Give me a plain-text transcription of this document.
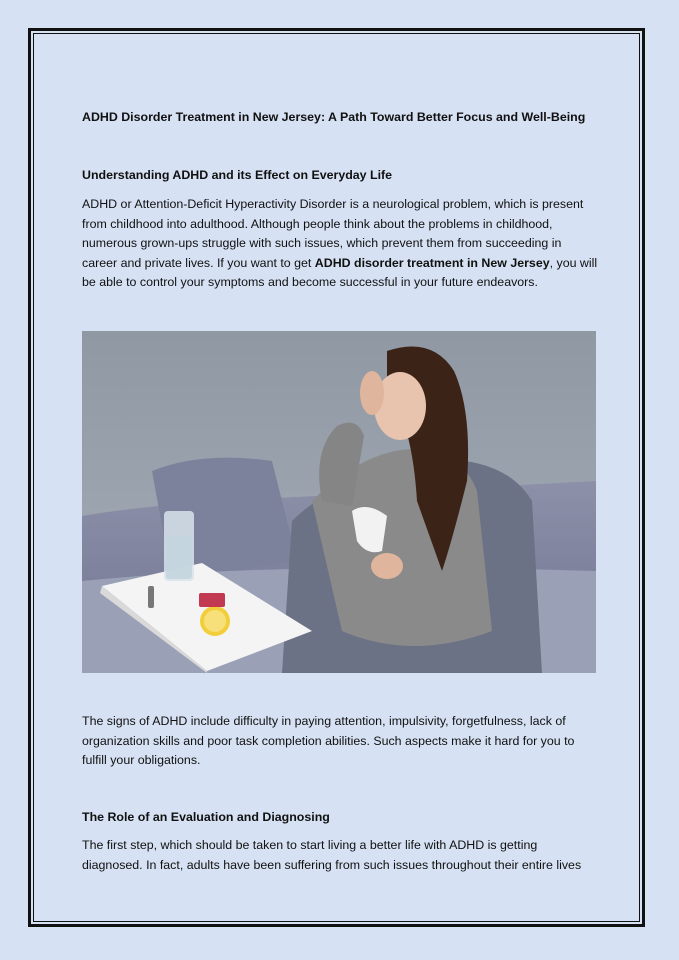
ADHD Disorder Treatment in New Jersey: A Path Toward Better Focus and Well-Being
Understanding ADHD and its Effect on Everyday Life

ADHD or Attention-Deficit Hyperactivity Disorder is a neurological problem, which is present from childhood into adulthood. Although people think about the problems in childhood, numerous grown-ups struggle with such issues, which prevent them from succeeding in career and private lives. If you want to get ADHD disorder treatment in New Jersey, you will be able to control your symptoms and become successful in your future endeavors.

The signs of ADHD include difficulty in paying attention, impulsivity, forgetfulness, lack of organization skills and poor task completion abilities. Such aspects make it hard for you to fulfill your obligations.

The Role of an Evaluation and Diagnosing

The first step, which should be taken to start living a better life with ADHD is getting diagnosed. In fact, adults have been suffering from such issues throughout their entire lives
